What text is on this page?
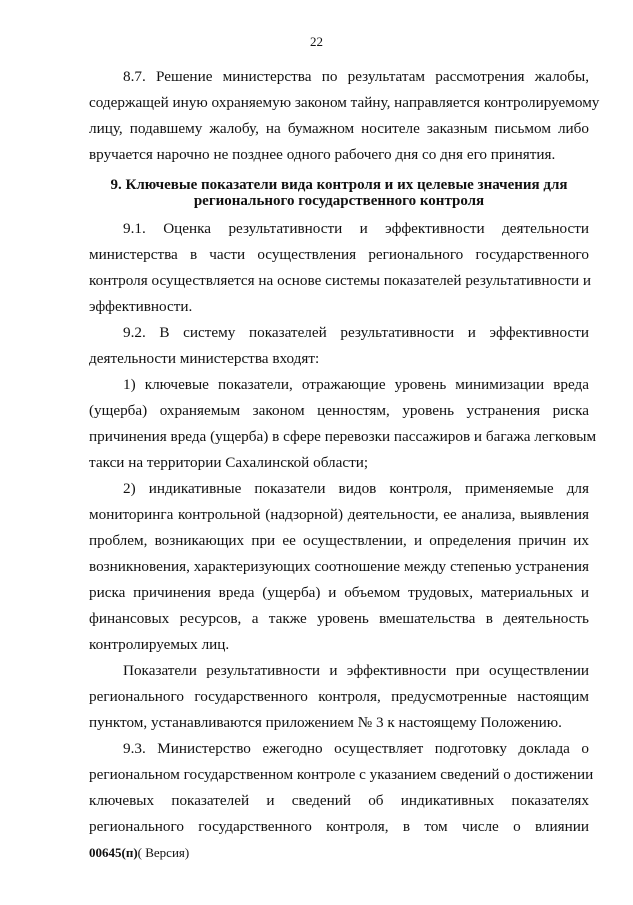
22
8.7. Решение министерства по результатам рассмотрения жалобы,
содержащей иную охраняемую законом тайну, направляется контролируемому
лицу, подавшему жалобу, на бумажном носителе заказным письмом либо
вручается нарочно не позднее одного рабочего дня со дня его принятия.
9. Ключевые показатели вида контроля и их целевые значения для
регионального государственного контроля
9.1. Оценка результативности и эффективности деятельности
министерства в части осуществления регионального государственного
контроля осуществляется на основе системы показателей результативности и
эффективности.
9.2. В систему показателей результативности и эффективности
деятельности министерства входят:
1) ключевые показатели, отражающие уровень минимизации вреда
(ущерба) охраняемым законом ценностям, уровень устранения риска
причинения вреда (ущерба) в сфере перевозки пассажиров и багажа легковым
такси на территории Сахалинской области;
2) индикативные показатели видов контроля, применяемые для
мониторинга контрольной (надзорной) деятельности, ее анализа, выявления
проблем, возникающих при ее осуществлении, и определения причин их
возникновения, характеризующих соотношение между степенью устранения
риска причинения вреда (ущерба) и объемом трудовых, материальных и
финансовых ресурсов, а также уровень вмешательства в деятельность
контролируемых лиц.
Показатели результативности и эффективности при осуществлении
регионального государственного контроля, предусмотренные настоящим
пунктом, устанавливаются приложением № 3 к настоящему Положению.
9.3. Министерство ежегодно осуществляет подготовку доклада о
региональном государственном контроле с указанием сведений о достижении
ключевых показателей и сведений об индикативных показателях
регионального государственного контроля, в том числе о влиянии
00645(п)( Версия)
